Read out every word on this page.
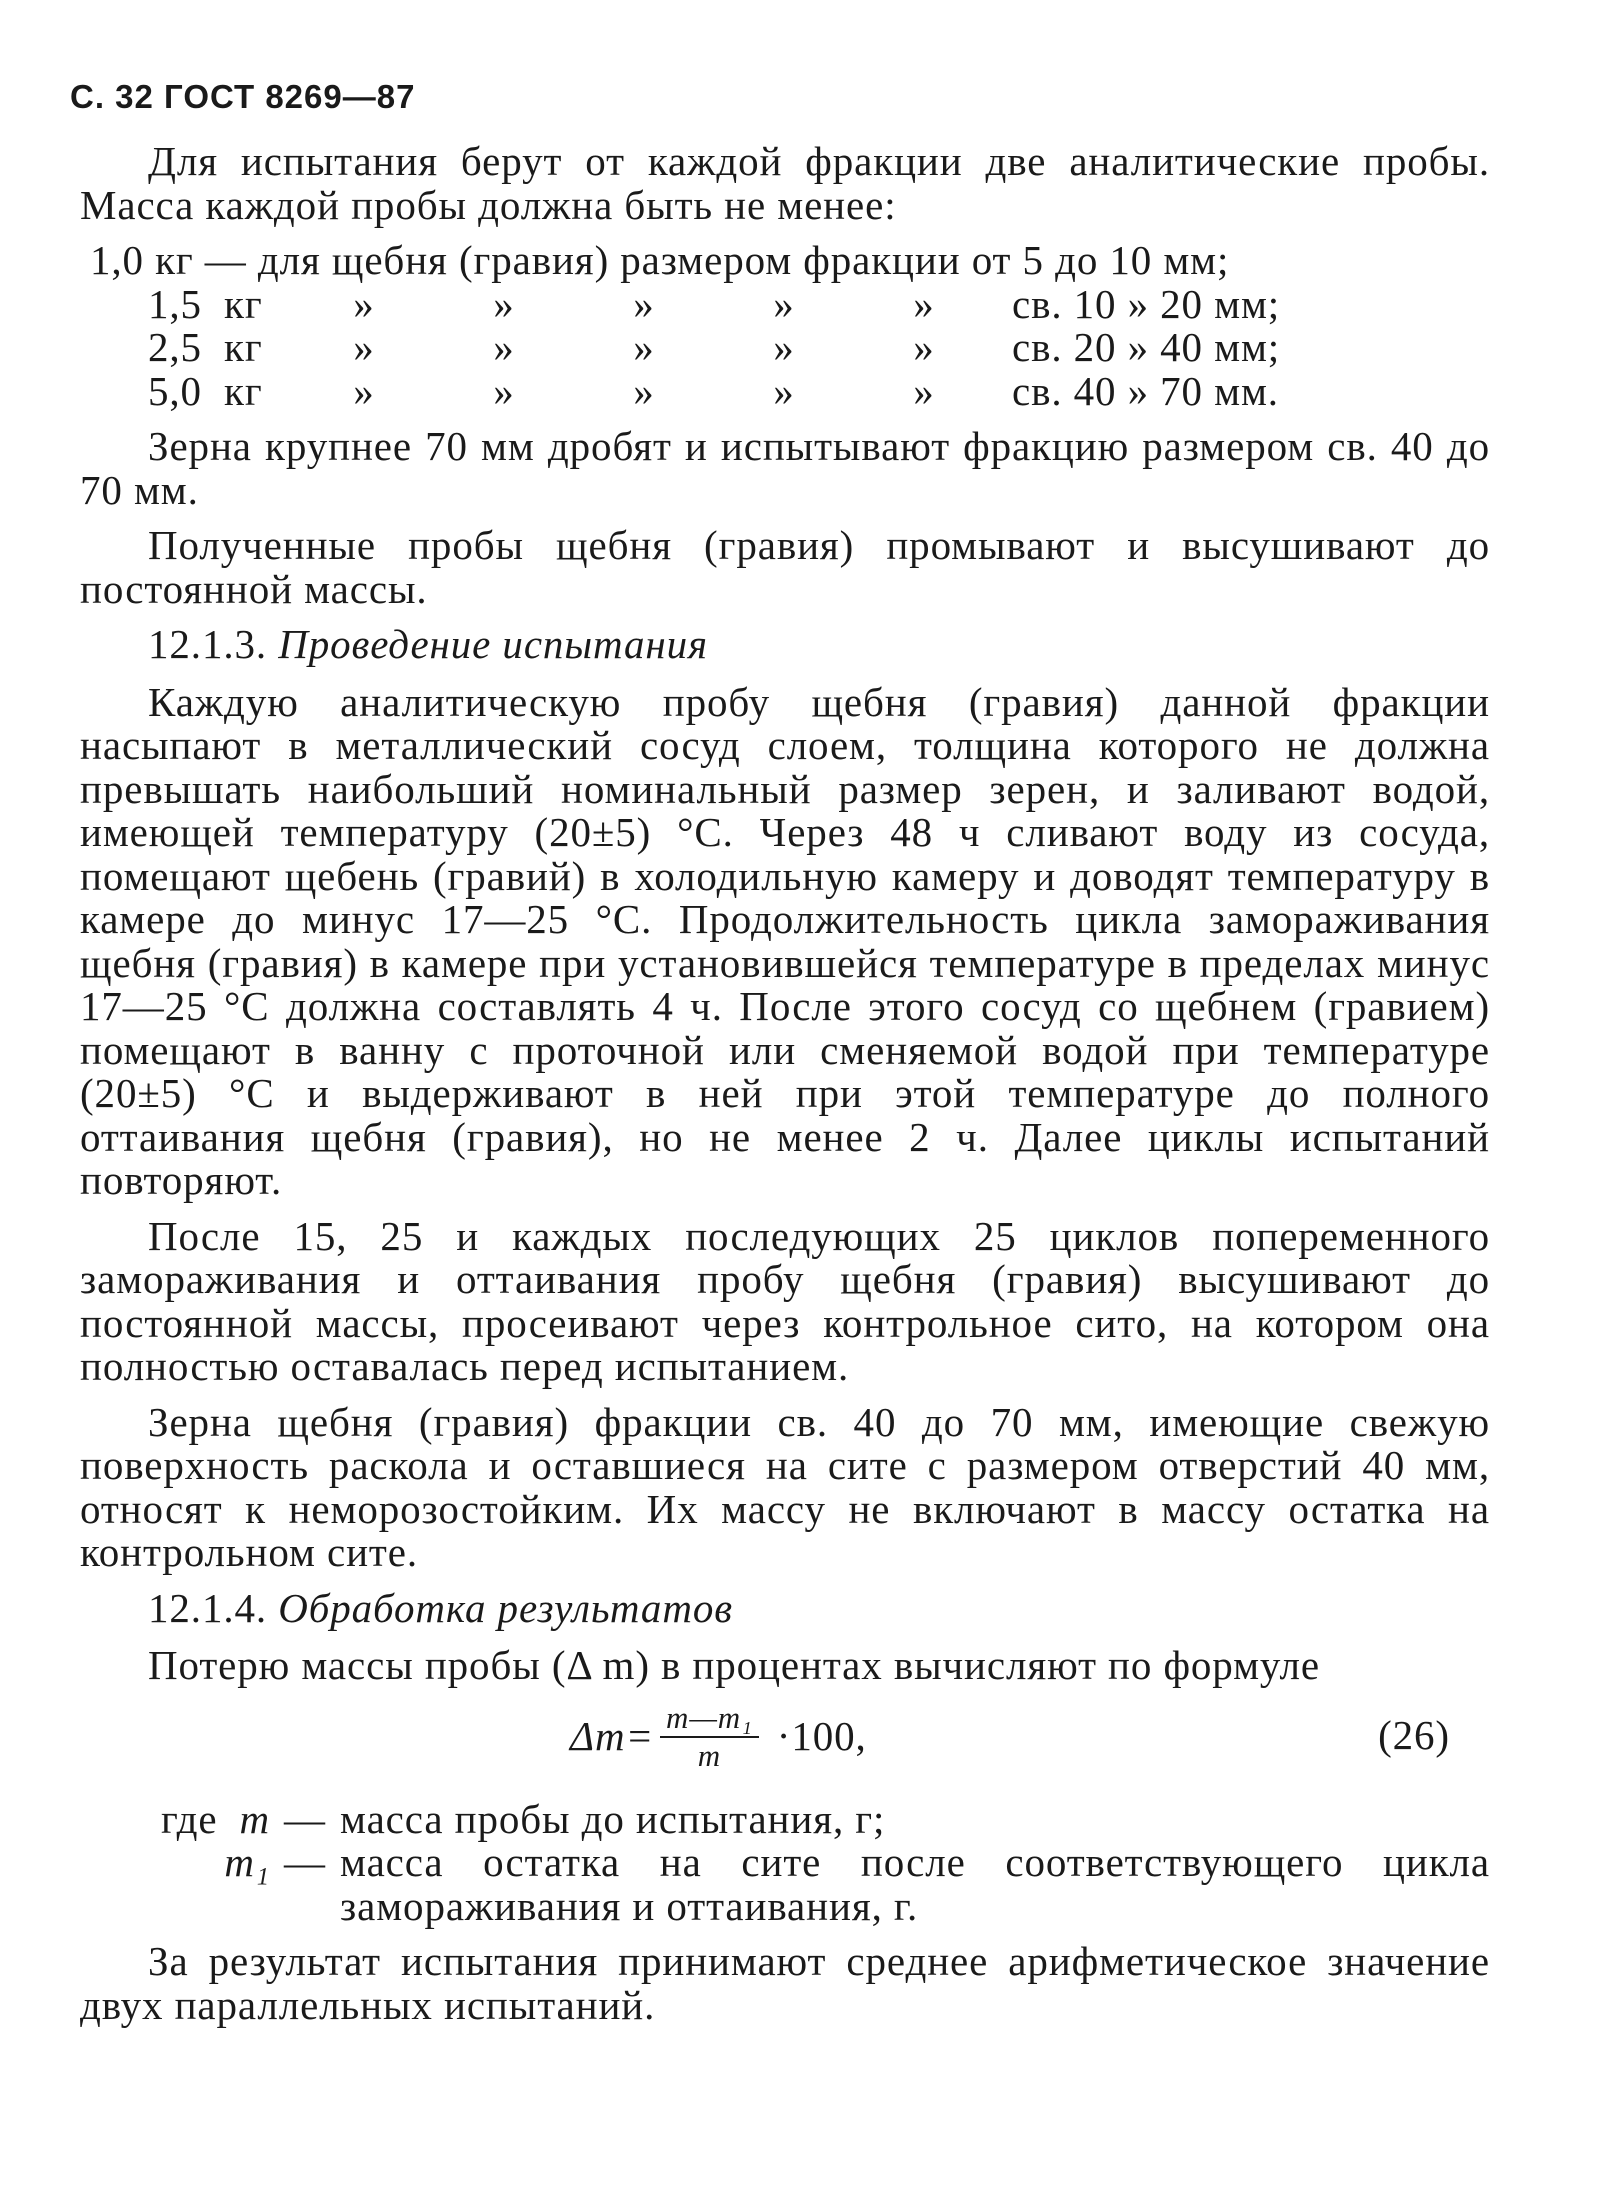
С. 32 ГОСТ 8269—87

Для испытания берут от каждой фракции две аналитические пробы. Масса каждой пробы должна быть не менее:

1,0 кг — для щебня (гравия) размером фракции от 5 до 10 мм;							
1,5	кг	»	»	»	»	»	св. 10 » 20 мм;
2,5	кг	»	»	»	»	»	св. 20 » 40 мм;
5,0	кг	»	»	»	»	»	св. 40 » 70 мм.

Зерна крупнее 70 мм дробят и испытывают фракцию размером св. 40 до 70 мм.

Полученные пробы щебня (гравия) промывают и высушивают до постоянной массы.

12.1.3. Проведение испытания

Каждую аналитическую пробу щебня (гравия) данной фракции насыпают в металлический сосуд слоем, толщина которого не должна превышать наибольший номинальный размер зерен, и заливают водой, имеющей температуру (20±5) °С. Через 48 ч сливают воду из сосуда, помещают щебень (гравий) в холодильную камеру и доводят температуру в камере до минус 17—25 °С. Продолжительность цикла замораживания щебня (гравия) в камере при установившейся температуре в пределах минус 17—25 °С должна составлять 4 ч. После этого сосуд со щебнем (гравием) помещают в ванну с проточной или сменяемой водой при температуре (20±5) °С и выдерживают в ней при этой температуре до полного оттаивания щебня (гравия), но не менее 2 ч. Далее циклы испытаний повторяют.

После 15, 25 и каждых последующих 25 циклов попеременного замораживания и оттаивания пробу щебня (гравия) высушивают до постоянной массы, просеивают через контрольное сито, на котором она полностью оставалась перед испытанием.

Зерна щебня (гравия) фракции св. 40 до 70 мм, имеющие свежую поверхность раскола и оставшиеся на сите с размером отверстий 40 мм, относят к неморозостойким. Их массу не включают в массу остатка на контрольном сите.

12.1.4. Обработка результатов

Потерю массы пробы (Δ m) в процентах вычисляют по формуле

$\Delta m= \frac{\text{m—m₁}}{m} \cdot 100$,	(26)
где m — масса пробы до испытания, г;
m₁ — масса остатка на сите после соответствующего цикла замораживания и оттаивания, г.

За результат испытания принимают среднее арифметическое значение двух параллельных испытаний.
